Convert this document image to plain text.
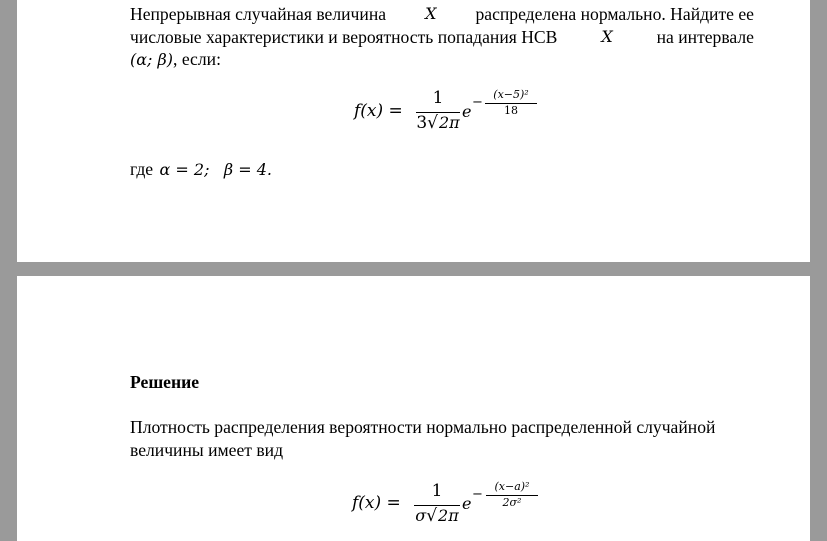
Непрерывная случайная величина X распределена нормально. Найдите ее
числовые характеристики и вероятность попадания НСВ	X на интервале
(α; β), если:
f(x) =
1
3√2π
e −
(x−5)²
18
где α = 2; β = 4.
Решение
Плотность распределения вероятности нормально распределенной случайной
величины имеет вид
f(x) =
1
σ√2π
e −
(x−a)²
2σ²
